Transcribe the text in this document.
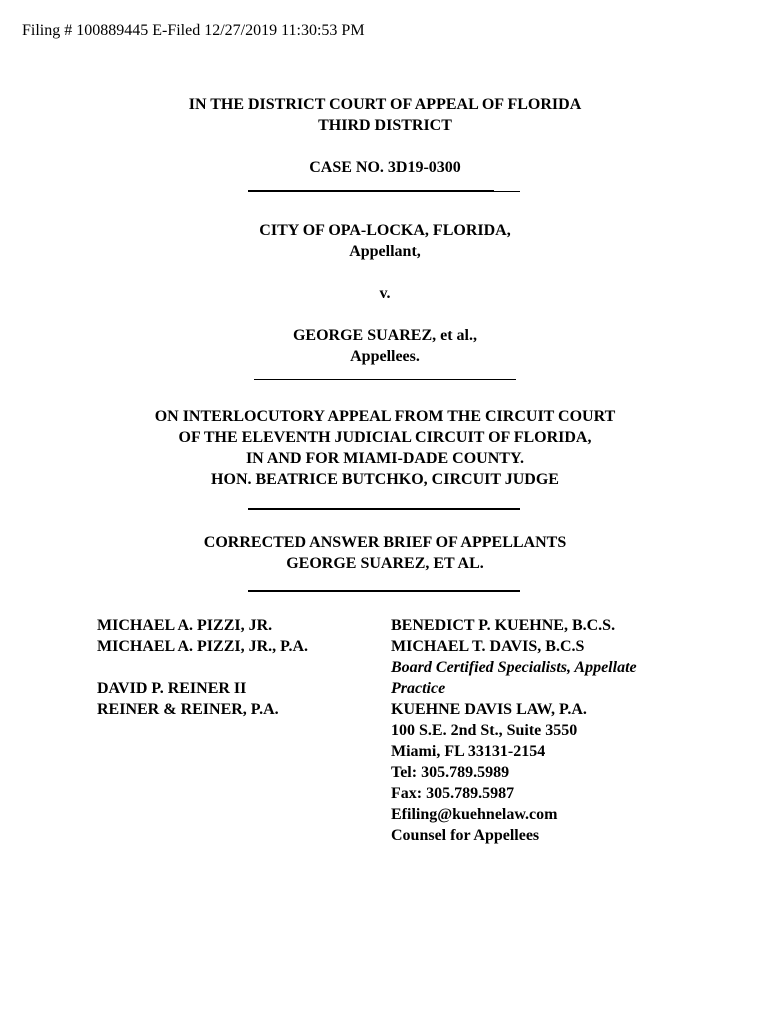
Filing # 100889445 E-Filed 12/27/2019 11:30:53 PM
IN THE DISTRICT COURT OF APPEAL OF FLORIDA
THIRD DISTRICT
CASE NO. 3D19-0300
CITY OF OPA-LOCKA, FLORIDA,
Appellant,
v.
GEORGE SUAREZ, et al.,
Appellees.
ON INTERLOCUTORY APPEAL FROM THE CIRCUIT COURT
OF THE ELEVENTH JUDICIAL CIRCUIT OF FLORIDA,
IN AND FOR MIAMI-DADE COUNTY.
HON. BEATRICE BUTCHKO, CIRCUIT JUDGE
CORRECTED ANSWER BRIEF OF APPELLANTS
GEORGE SUAREZ, ET AL.
MICHAEL A. PIZZI, JR.
MICHAEL A. PIZZI, JR., P.A.
DAVID P. REINER II
REINER & REINER, P.A.
BENEDICT P. KUEHNE, B.C.S.
MICHAEL T. DAVIS, B.C.S
Board Certified Specialists, Appellate
Practice
KUEHNE DAVIS LAW, P.A.
100 S.E. 2nd St., Suite 3550
Miami, FL 33131-2154
Tel: 305.789.5989
Fax: 305.789.5987
Efiling@kuehnelaw.com
Counsel for Appellees
